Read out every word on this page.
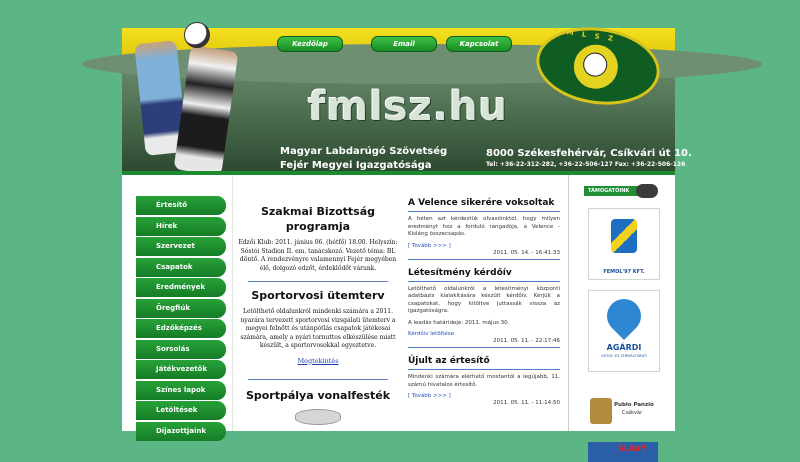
Kezdőlap	Email	Kapcsolat
fmlsz.hu
F M L S Z
Magyar Labdarúgó Szövetség
Fejér Megyei Igazgatósága
8000 Székesfehérvár, Csíkvári út 10.
Tel: +36-22-312-282, +36-22-506-127 Fax: +36-22-506-126
Értesítő
Hírek
Szervezet
Csapatok
Eredmények
Öregfiúk
Edzőképzés
Sorsolás
Játékvezetők
Színes lapok
Letöltések
Díjazottjaink
Szakmai Bizottság programja

Edzői Klub: 2011. június 06. (hétfő) 18.00. Helyszín: Sóstói Stadion II. em. tanácskozó. Vezető téma: BL döntő. A rendezvényre valamennyi Fejér megyében élő, dolgozó edzőt, érdeklődőt várunk.

Sportorvosi ütemterv

Letölthető oldalunkról mindenki számára a 2011. nyarára tervezett sportorvosi vizsgálati ütemterv a megyei felnőtt és utánpótlás csapatok játékosai számára, amely a nyári tornuttos elkészülése miatt készült, a sportorvosokkal egyeztetve.

Megtekintés
Sportpálya vonalfesték
A Velence sikerére voksoltak

A héten azt kérdeztük olvasóinktól, hogy milyen eredményt hoz a forduló rangadója, a Velence - Kisláng összecsapás.

[ Tovább >>> ]
2011. 05. 14. - 16:41:33
Létesítmény kérdőív

Letölthető oldalunkról a létesítményi központi adatbázis kialakítására készült kérdőív. Kérjük a csapatokat, hogy kitöltve juttassák vissza az igazgatóságra.

A leadás határideje: 2011. május 30.

Kérdőív letöltése
2011. 05. 11. - 22:17:46
Újult az értesítő

Mindenki számára elérhető mostantól a legújabb, 11. számú hivatalos értesítő.

[ Tovább >>> ]
2011. 05. 11. - 11:14:50
TÁMOGATÓINK
FEMOL'97 KFT.
AGÁRDI
GYÓGY- ÉS TERMÁLFÜRDŐ
Publo Panzió
Csákvár
SLAVY
